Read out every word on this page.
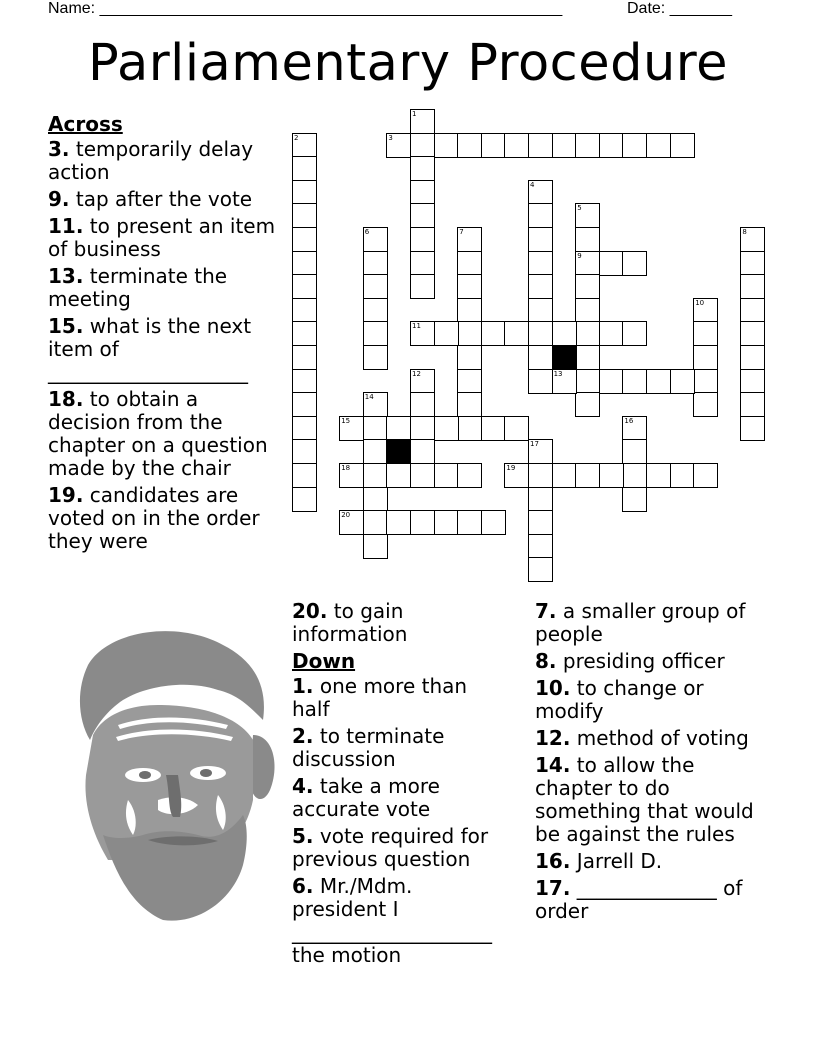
Name: ____________________________________________________	Date: _______
Parliamentary Procedure
1
2
4
5
9
6	7	8
10
12
14
16
17
3
11
13
15
18	19
20
Across
3. temporarily delay action
9. tap after the vote
11. to present an item of business
13. terminate the meeting
15. what is the next item of ____________________
18. to obtain a decision from the chapter on a question made by the chair
19. candidates are voted on in the order they were
20. to gain information
Down
1. one more than half
2. to terminate discussion
4. take a more accurate vote
5. vote required for previous question
6. Mr./Mdm. president I ____________________ the motion
7. a smaller group of people
8. presiding officer
10. to change or modify
12. method of voting
14. to allow the chapter to do something that would be against the rules
16. Jarrell D.
17. ______________ of order
